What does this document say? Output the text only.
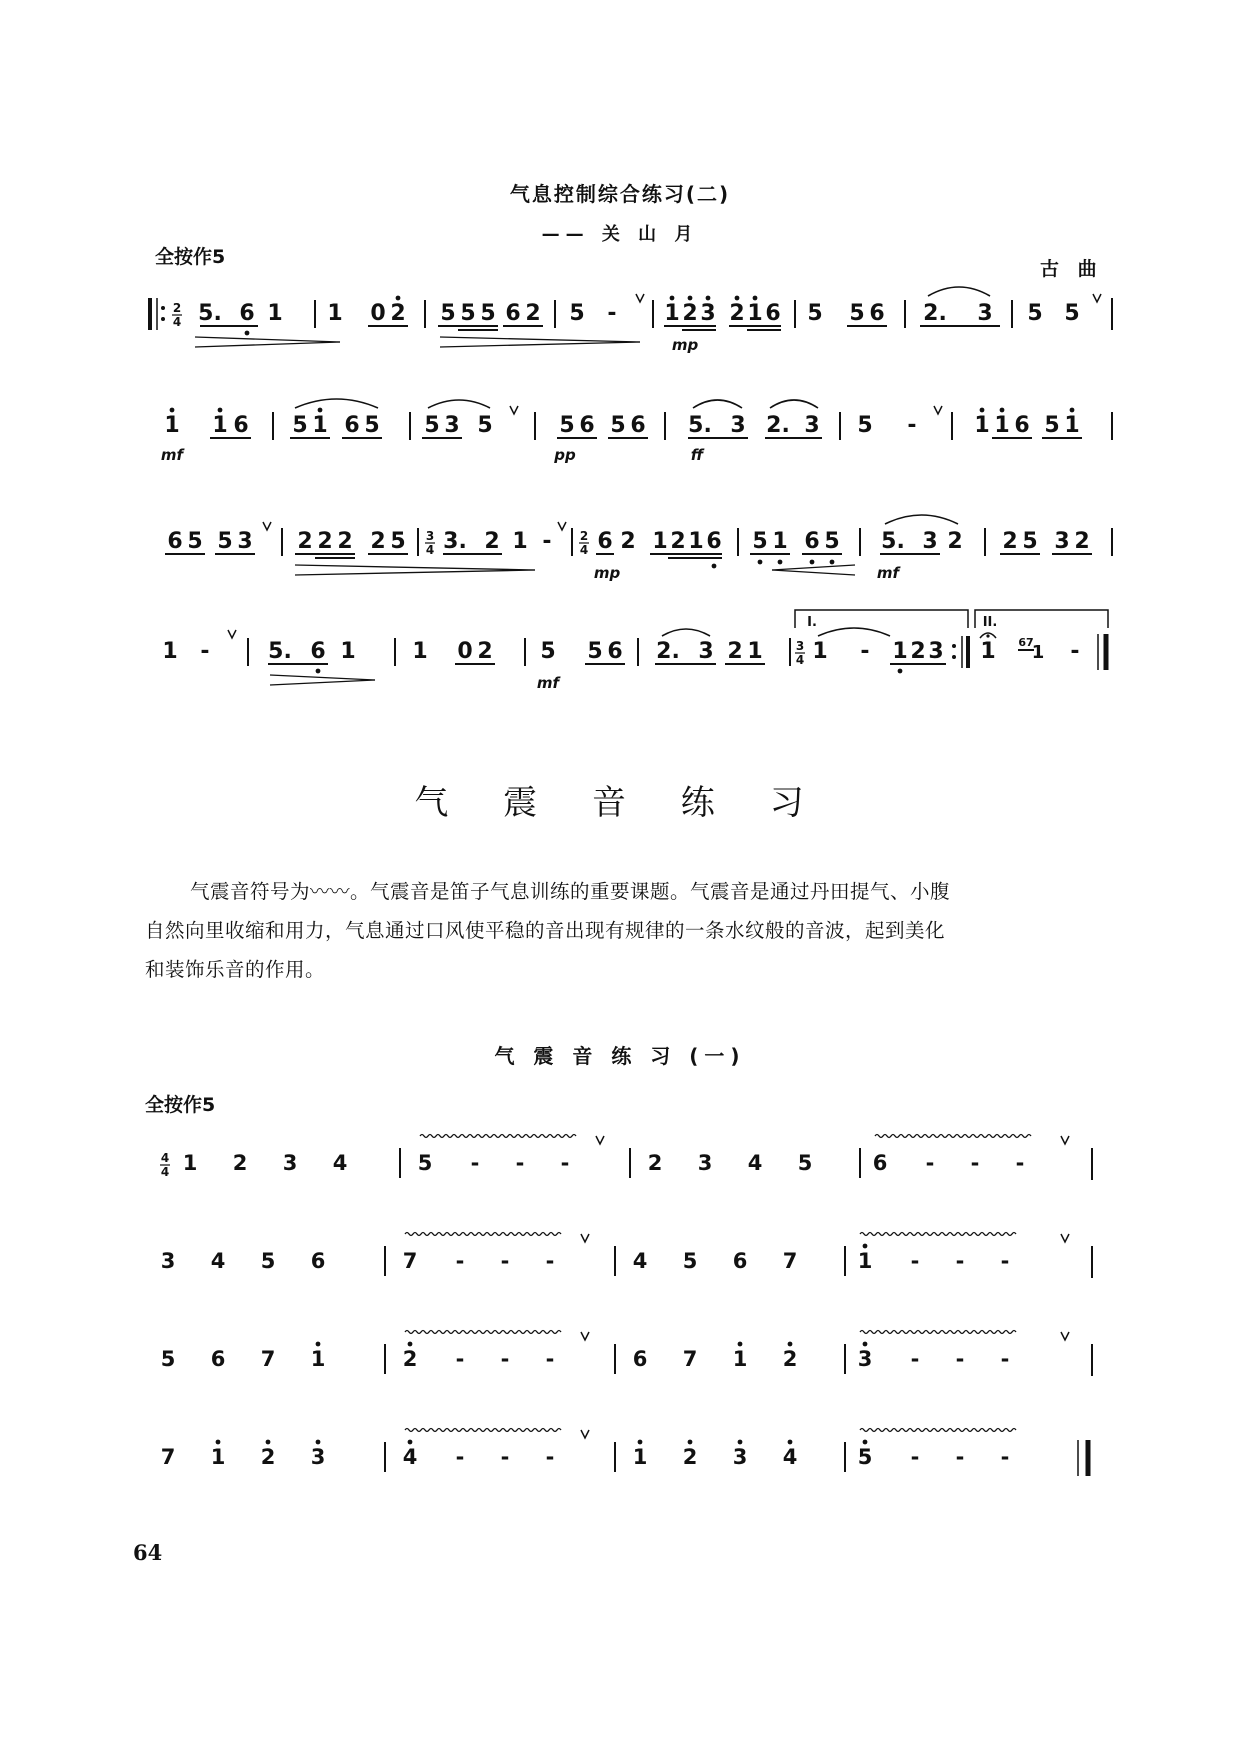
气息控制综合练习(二)
—— 关 山 月
全按作5
古 曲
2
4 5. 6 1 1 0 2 5 5 5 6 2 5 - 1 2 3 2 1 6
mp
5 5 6 2. 3 5 5
1
mf
1 6 5 1 6 5 5 3 5	5 6 5 6
pp
5. 3 2. 3
ff
5 -	1 1 6 5 1
6 5 5 3 2 2 2 2 5 3
4 3. 2 1 - 2
4 6 2 1 2 1 6
mp
5 1 6 5 5. 3 2
mf
2 5 3 2
1 -	5. 6 1	1 0 2 5 5 6
mf
2. 3 2 1
I.
3
4 1 - 1 2 3
II.
1 67
1 -
气 震 音 练 习
气震音符号为〰〰。气震音是笛子气息训练的重要课题。气震音是通过丹田提气、小腹
自然向里收缩和用力，气息通过口风使平稳的音出现有规律的一条水纹般的音波，起到美化
和装饰乐音的作用。
气 震 音 练 习 (一)
全按作5
4
4 1 2 3 4	5 - - -	2 3 4 5	6 - - -
3 4 5 6	7 - - -	4 5 6 7	1 - - -
5 6 7 1	2 - - -	6 7 1 2	3 - - -
7 1 2 3	4 - - -	1 2 3 4	5 - - -
64
